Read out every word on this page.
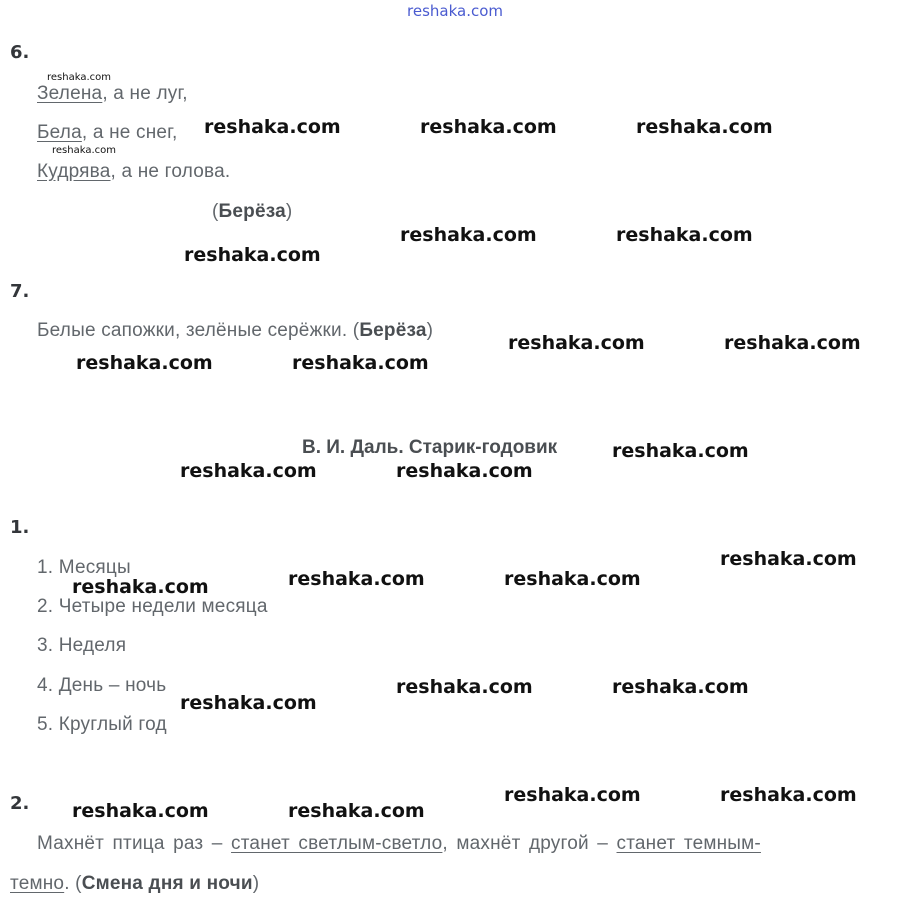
reshaka.com
6.
Зелена, а не луг,
Бела, а не снег,
Кудрява, а не голова.
(Берёза)
7.
Белые сапожки, зелёные серёжки. (Берёза)
В. И. Даль. Старик-годовик
1.
1. Месяцы
2. Четыре недели месяца
3. Неделя
4. День – ночь
5. Круглый год
2.
Махнёт птица раз – станет светлым-светло, махнёт другой – станет темным-
темно. (Смена дня и ночи)
reshaka.com
reshaka.com
reshaka.com	reshaka.com	reshaka.com
reshaka.com	reshaka.com
reshaka.com
reshaka.com	reshaka.com
reshaka.com	reshaka.com
reshaka.com
reshaka.com	reshaka.com
reshaka.com
reshaka.com	reshaka.com
reshaka.com
reshaka.com	reshaka.com
reshaka.com
reshaka.com	reshaka.com
reshaka.com	reshaka.com
